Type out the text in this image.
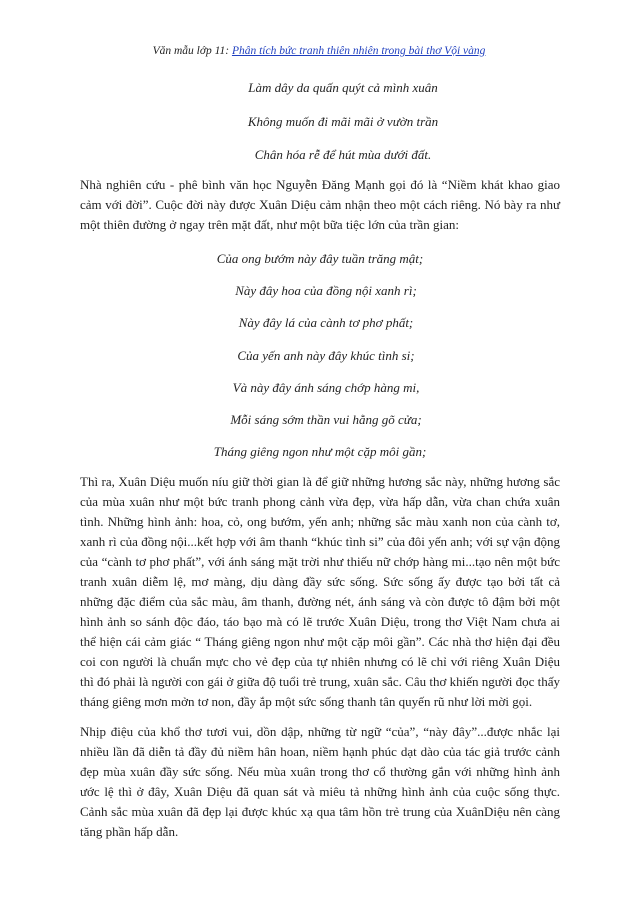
Văn mẫu lớp 11: Phân tích bức tranh thiên nhiên trong bài thơ Vội vàng

Làm dây da quấn quýt cả mình xuân

Không muốn đi mãi mãi ở vườn trần

Chân hóa rễ để hút mùa dưới đất.

Nhà nghiên cứu - phê bình văn học Nguyễn Đăng Mạnh gọi đó là “Niềm khát khao giao cảm với đời”. Cuộc đời này được Xuân Diệu cảm nhận theo một cách riêng. Nó bày ra như một thiên đường ở ngay trên mặt đất, như một bữa tiệc lớn của trần gian:

Của ong bướm này đây tuần trăng mật;

Này đây hoa của đồng nội xanh rì;

Này đây lá của cành tơ phơ phất;

Của yến anh này đây khúc tình si;

Và này đây ánh sáng chớp hàng mi,

Mỗi sáng sớm thần vui hằng gõ cửa;

Tháng giêng ngon như một cặp môi gần;

Thì ra, Xuân Diệu muốn níu giữ thời gian là để giữ những hương sắc này, những hương sắc của mùa xuân như một bức tranh phong cảnh vừa đẹp, vừa hấp dẫn, vừa chan chứa xuân tình. Những hình ảnh: hoa, cỏ, ong bướm, yến anh; những sắc màu xanh non của cành tơ, xanh rì của đồng nội...kết hợp với âm thanh “khúc tình si” của đôi yến anh; với sự vận động của “cành tơ phơ phất”, với ánh sáng mặt trời như thiếu nữ chớp hàng mi...tạo nên một bức tranh xuân diễm lệ, mơ màng, dịu dàng đầy sức sống. Sức sống ấy được tạo bởi tất cả những đặc điểm của sắc màu, âm thanh, đường nét, ánh sáng và còn được tô đậm bởi một hình ảnh so sánh độc đáo, táo bạo mà có lẽ trước Xuân Diệu, trong thơ Việt Nam chưa ai thể hiện cái cảm giác “ Tháng giêng ngon như một cặp môi gần”. Các nhà thơ hiện đại đều coi con người là chuẩn mực cho vẻ đẹp của tự nhiên nhưng có lẽ chỉ với riêng Xuân Diệu thì đó phải là người con gái ở giữa độ tuổi trẻ trung, xuân sắc. Câu thơ khiến người đọc thấy tháng giêng mơn mởn tơ non, đầy ắp một sức sống thanh tân quyến rũ như lời mời gọi.

Nhịp điệu của khổ thơ tươi vui, dồn dập, những từ ngữ “của”, “này đây”...được nhắc lại nhiều lần đã diễn tả đầy đủ niềm hân hoan, niềm hạnh phúc dạt dào của tác giả trước cảnh đẹp mùa xuân đầy sức sống. Nếu mùa xuân trong thơ cổ thường gắn với những hình ảnh ước lệ thì ở đây, Xuân Diệu đã quan sát và miêu tả những hình ảnh của cuộc sống thực. Cảnh sắc mùa xuân đã đẹp lại được khúc xạ qua tâm hồn trẻ trung của XuânDiệu nên càng tăng phần hấp dẫn.
